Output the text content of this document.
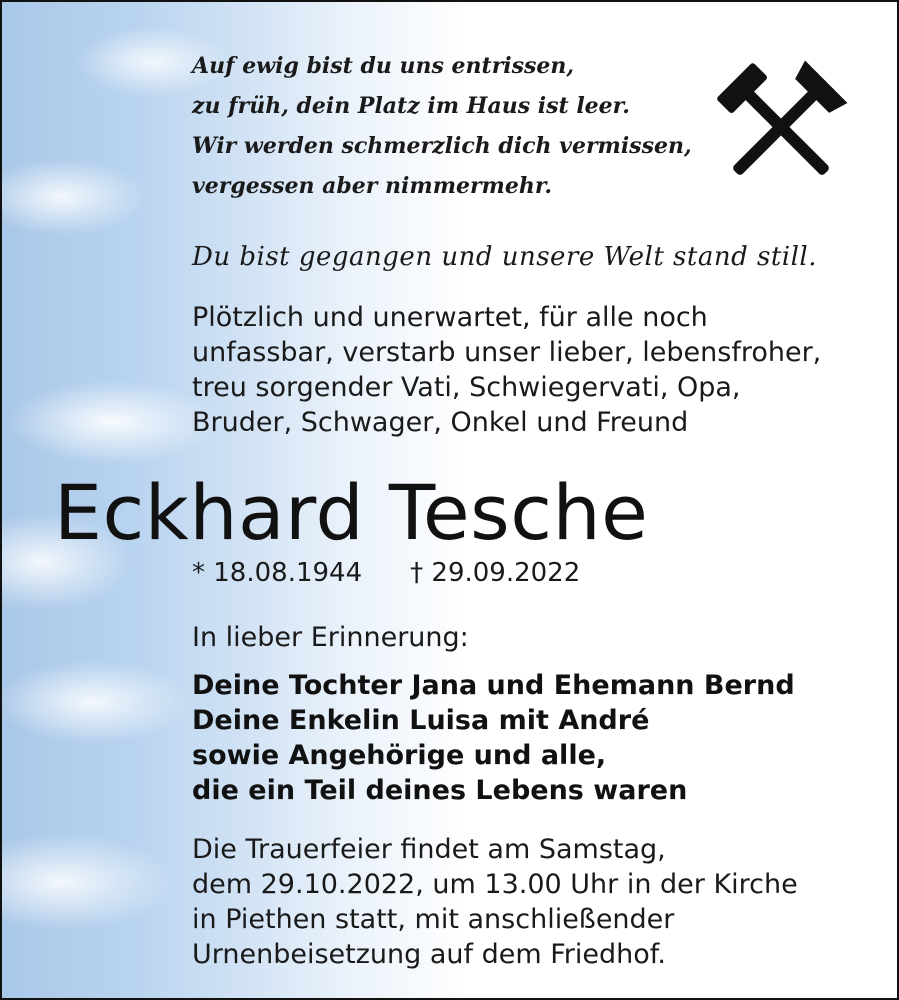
Auf ewig bist du uns entrissen,
zu früh, dein Platz im Haus ist leer.
Wir werden schmerzlich dich vermissen,
vergessen aber nimmermehr.
Du bist gegangen und unsere Welt stand still.
Plötzlich und unerwartet, für alle noch
unfassbar, verstarb unser lieber, lebensfroher,
treu sorgender Vati, Schwiegervati, Opa,
Bruder, Schwager, Onkel und Freund
Eckhard Tesche
* 18.08.1944 † 29.09.2022
In lieber Erinnerung:
Deine Tochter Jana und Ehemann Bernd
Deine Enkelin Luisa mit André
sowie Angehörige und alle,
die ein Teil deines Lebens waren
Die Trauerfeier findet am Samstag,
dem 29.10.2022, um 13.00 Uhr in der Kirche
in Piethen statt, mit anschließender
Urnenbeisetzung auf dem Friedhof.
